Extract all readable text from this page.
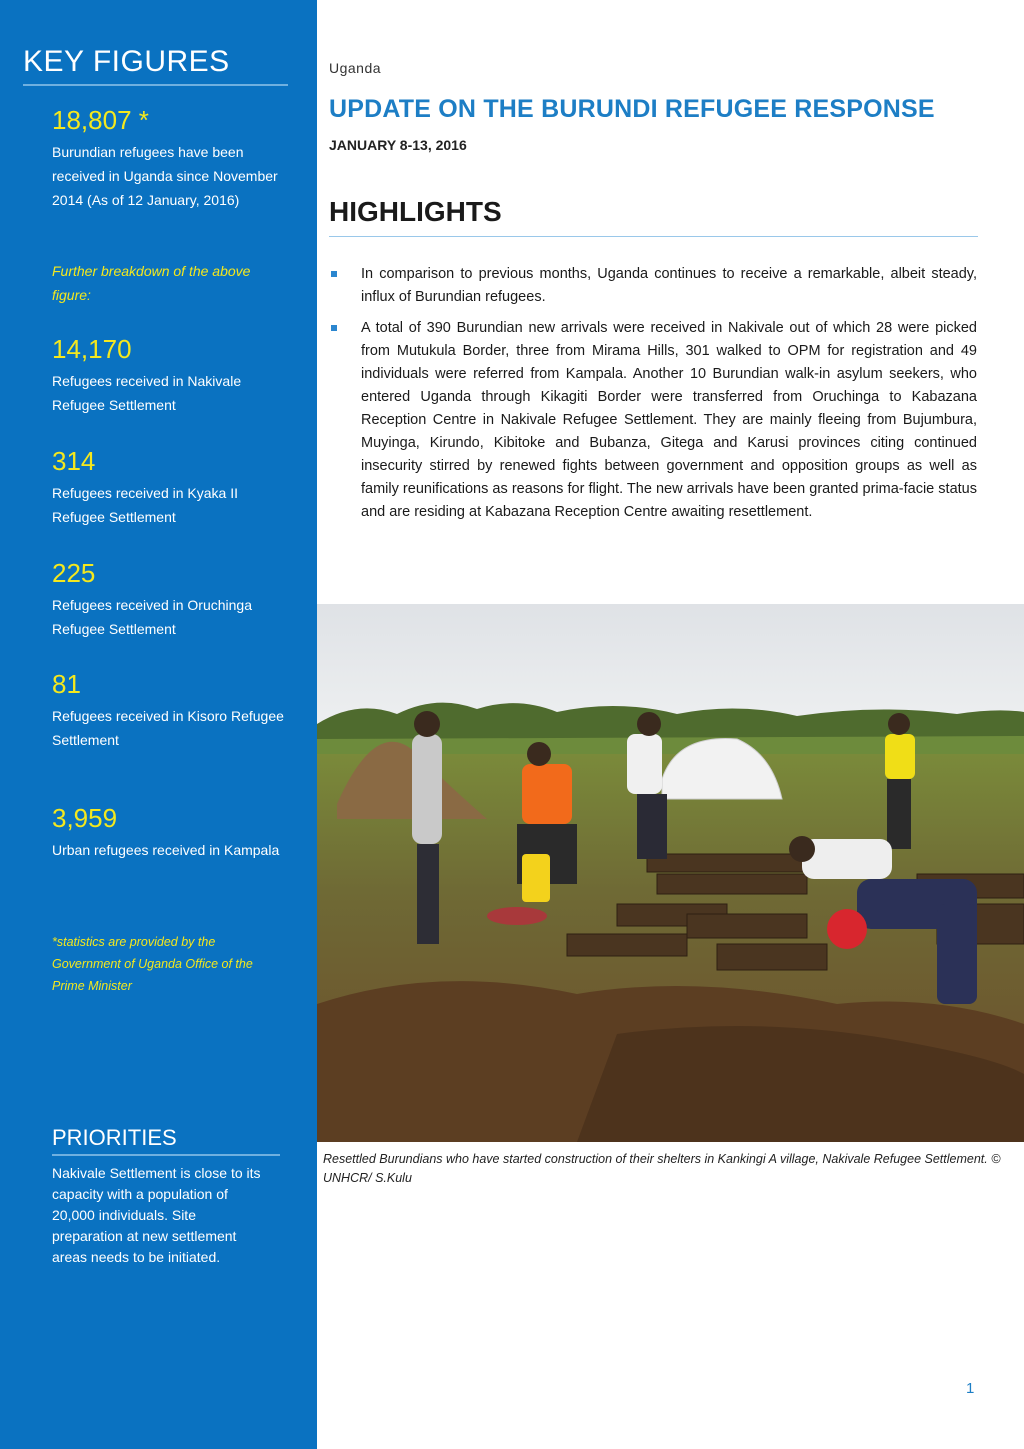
KEY FIGURES
18,807 *
Burundian refugees have been received in Uganda since November 2014 (As of 12 January, 2016)
Further breakdown of the above figure:
14,170
Refugees received in Nakivale Refugee Settlement
314
Refugees received in Kyaka II Refugee Settlement
225
Refugees received in Oruchinga Refugee Settlement
81
Refugees received in Kisoro Refugee Settlement
3,959
Urban refugees received in Kampala
*statistics are provided by the Government of Uganda Office of the Prime Minister
PRIORITIES
Nakivale Settlement is close to its capacity with a population of 20,000 individuals. Site preparation at new settlement areas needs to be initiated.
Uganda
UPDATE ON THE BURUNDI REFUGEE RESPONSE
JANUARY 8-13, 2016
HIGHLIGHTS
In comparison to previous months, Uganda continues to receive a remarkable, albeit steady, influx of Burundian refugees.
A total of 390 Burundian new arrivals were received in Nakivale out of which 28 were picked from Mutukula Border, three from Mirama Hills, 301 walked to OPM for registration and 49 individuals were referred from Kampala. Another 10 Burundian walk-in asylum seekers, who entered Uganda through Kikagiti Border were transferred from Oruchinga to Kabazana Reception Centre in Nakivale Refugee Settlement. They are mainly fleeing from Bujumbura, Muyinga, Kirundo, Kibitoke and Bubanza, Gitega and Karusi provinces citing continued insecurity stirred by renewed fights between government and opposition groups as well as family reunifications as reasons for flight. The new arrivals have been granted prima-facie status and are residing at Kabazana Reception Centre awaiting resettlement.
Resettled Burundians who have started construction of their shelters in Kankingi A village, Nakivale Refugee Settlement. © UNHCR/ S.Kulu
1
